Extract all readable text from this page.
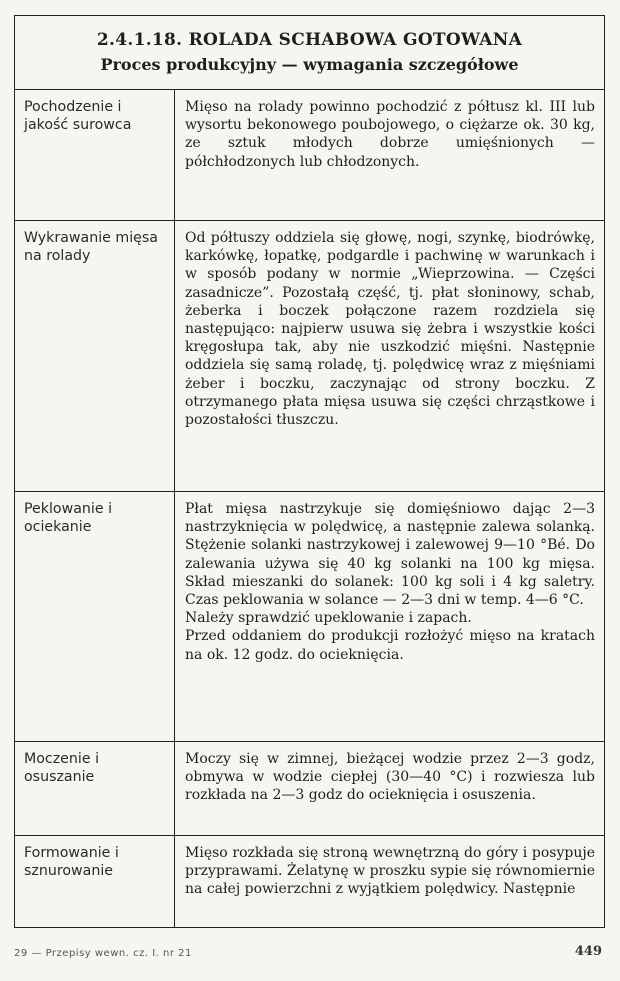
2.4.1.18. ROLADA SCHABOWA GOTOWANA
Proces produkcyjny — wymagania szczegółowe
Pochodzenie i jakość surowca

Mięso na rolady powinno pochodzić z półtusz kl. III lub wysortu bekonowego poubojowego, o ciężarze ok. 30 kg, ze sztuk młodych dobrze umięśnionych — półchłodzonych lub chłodzonych.

Wykrawanie mięsa na rolady

Od półtuszy oddziela się głowę, nogi, szynkę, biodrówkę, karkówkę, łopatkę, podgardle i pachwinę w warunkach i w sposób podany w normie „Wieprzowina. — Części zasadnicze”. Pozostałą część, tj. płat słoninowy, schab, żeberka i boczek połączone razem rozdziela się następująco: najpierw usuwa się żebra i wszystkie kości kręgosłupa tak, aby nie uszkodzić mięśni. Następnie oddziela się samą roladę, tj. polędwicę wraz z mięśniami żeber i boczku, zaczynając od strony boczku. Z otrzymanego płata mięsa usuwa się części chrząstkowe i pozostałości tłuszczu.

Peklowanie i ociekanie

Płat mięsa nastrzykuje się domięśniowo dając 2—3 nastrzyknięcia w polędwicę, a następnie zalewa solanką. Stężenie solanki nastrzykowej i zalewowej 9—10 °Bé. Do zalewania używa się 40 kg solanki na 100 kg mięsa. Skład mieszanki do solanek: 100 kg soli i 4 kg saletry. Czas peklowania w solance — 2—3 dni w temp. 4—6 °C.

Należy sprawdzić upeklowanie i zapach.

Przed oddaniem do produkcji rozłożyć mięso na kratach na ok. 12 godz. do ocieknięcia.

Moczenie i osuszanie

Moczy się w zimnej, bieżącej wodzie przez 2—3 godz, obmywa w wodzie ciepłej (30—40 °C) i rozwiesza lub rozkłada na 2—3 godz do ocieknięcia i osuszenia.

Formowanie i sznurowanie

Mięso rozkłada się stroną wewnętrzną do góry i posypuje przyprawami. Żelatynę w proszku sypie się równomiernie na całej powierzchni z wyjątkiem polędwicy. Następnie

29 — Przepisy wewn. cz. I. nr 21	449
